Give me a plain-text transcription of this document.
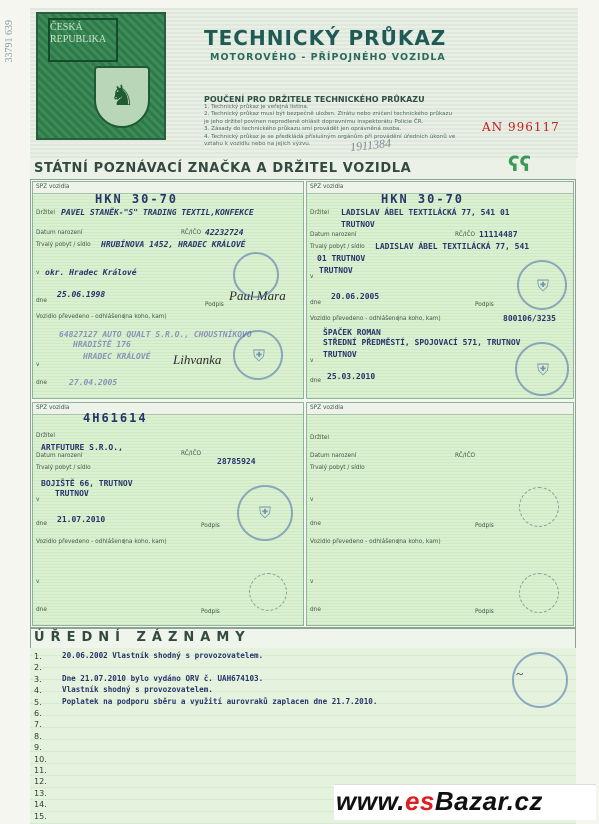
33791 639	ČESKÁ REPUBLIKA
♞
TECHNICKÝ PRŮKAZ
MOTOROVÉHO - PŘÍPOJNÉHO VOZIDLA
POUČENÍ PRO DRŽITELE TECHNICKÉHO PRŮKAZU
1. Technický průkaz je veřejná listina.
2. Technický průkaz musí být bezpečně uložen. Ztrátu nebo zničení technického průkazu
je jeho držitel povinen neprodleně ohlásit dopravnímu inspektorátu Policie ČR.
3. Zásady do technického průkazu smí provádět jen oprávněná osoba.
4. Technický průkaz je se předkládá příslušným orgánům při provádění úředních úkonů ve
vztahu k vozidlu nebo na jejich výzvu.
AN 996117
1911384
STÁTNÍ POZNÁVACÍ ZNAČKA A DRŽITEL VOZIDLA	ʕʕ
SPZ vozidla
HKN 30-70
Držitel PAVEL STANĚK-"S" TRADING TEXTIL,KONFEKCE
Datum narození	RČ/IČO 42232724
Trvalý pobyt / sídlo HRUBÍNOVA 1452, HRADEC KRÁLOVÉ
v okr. Hradec Králové
dne
25.06.1998
Podpis
Paul Mara
Vozidlo převedeno - odhlášeno
(na koho, kam)
64827127 AUTO QUALT S.R.O., CHOUSTNÍKOVO
HRADIŠTĚ 176
v
HRADEC KRÁLOVÉ
dne	27.04.2005
Lihvanka ⛨
SPZ vozidla
HKN 30-70
Držitel LADISLAV ÁBEL TEXTILÁCKÁ 77, 541 01
TRUTNOV
Datum narození	RČ/IČO 11114487
Trvalý pobyt / sídlo LADISLAV ÁBEL TEXTILÁCKÁ 77, 541
01 TRUTNOV
v
TRUTNOV
dne
20.06.2005
Podpis
⛨
Vozidlo převedeno - odhlášeno
(na koho, kam)	800106/3235
ŠPAČEK ROMAN
STŘEDNÍ PŘEDMĚSTÍ, SPOJOVACÍ 571, TRUTNOV
v
TRUTNOV
dne 25.03.2010	⛨
SPZ vozidla
4H61614
Držitel
ARTFUTURE S.R.O.,
Datum narození	RČ/IČO
28785924
Trvalý pobyt / sídlo
BOJIŠTĚ 66, TRUTNOV
v
TRUTNOV
dne 21.07.2010
Podpis
⛨
Vozidlo převedeno - odhlášeno
(na koho, kam)
v
dne	Podpis
SPZ vozidla
Držitel
Datum narození	RČ/IČO
Trvalý pobyt / sídlo
v
dne	Podpis
Vozidlo převedeno - odhlášeno
(na koho, kam)
v
dne	Podpis
ÚŘEDNÍ ZÁZNAMY
1.	20.06.2002 Vlastník shodný s provozovatelem.
2.
3.	Dne 21.07.2010 bylo vydáno ORV č. UAH674103.
4.	Vlastník shodný s provozovatelem.
5.	Poplatek na podporu sběru a využití aurovraků zaplacen dne 21.7.2010.
6.
7.
8.
9.
10.
11.
12.
13.
14.
15.
~
www.esBazar.cz
